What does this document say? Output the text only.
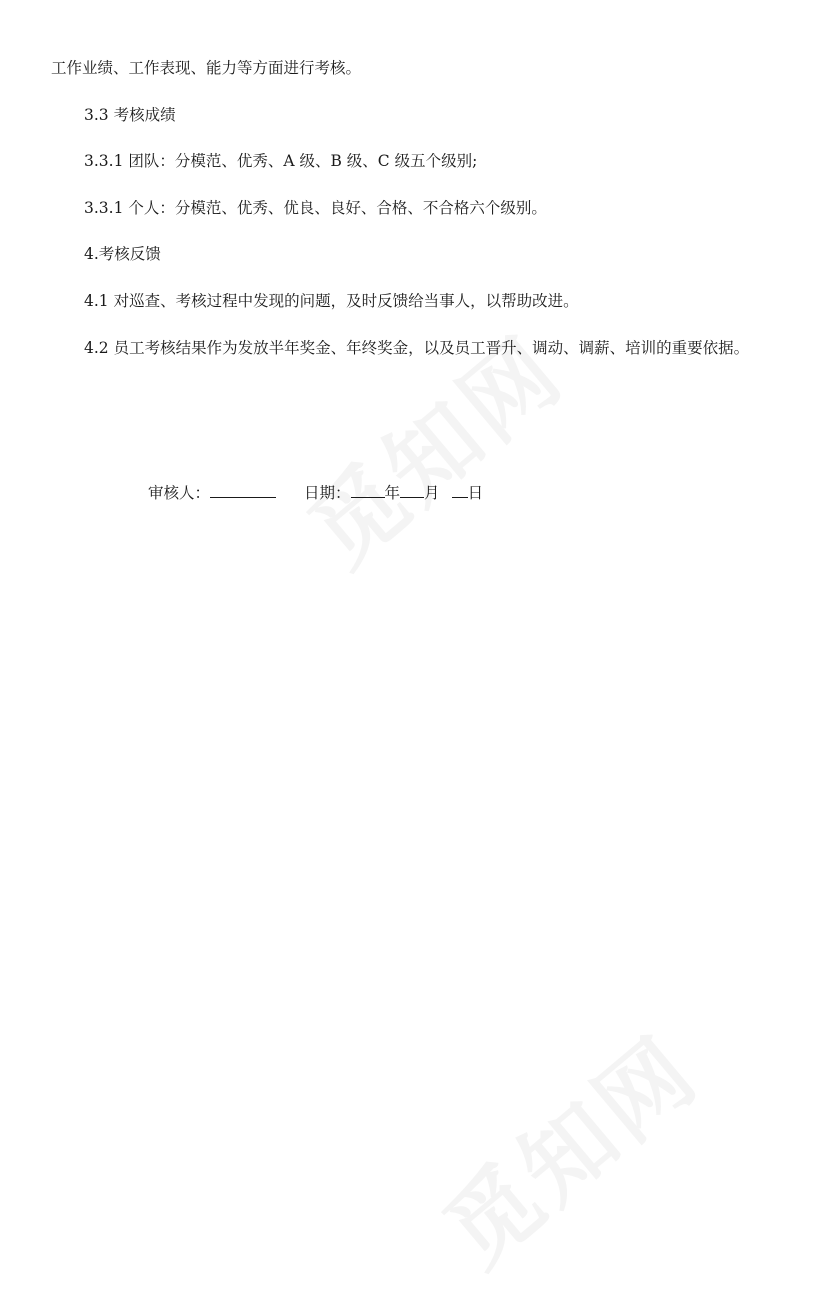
工作业绩、工作表现、能力等方面进行考核。
3.3 考核成绩
3.3.1 团队：分模范、优秀、A 级、B 级、C 级五个级别;
3.3.1 个人：分模范、优秀、优良、良好、合格、不合格六个级别。
4.考核反馈
4.1 对巡查、考核过程中发现的问题，及时反馈给当事人，以帮助改进。
4.2 员工考核结果作为发放半年奖金、年终奖金，以及员工晋升、调动、调薪、培训的重要依据。
审核人：	日期： 年 月 日
